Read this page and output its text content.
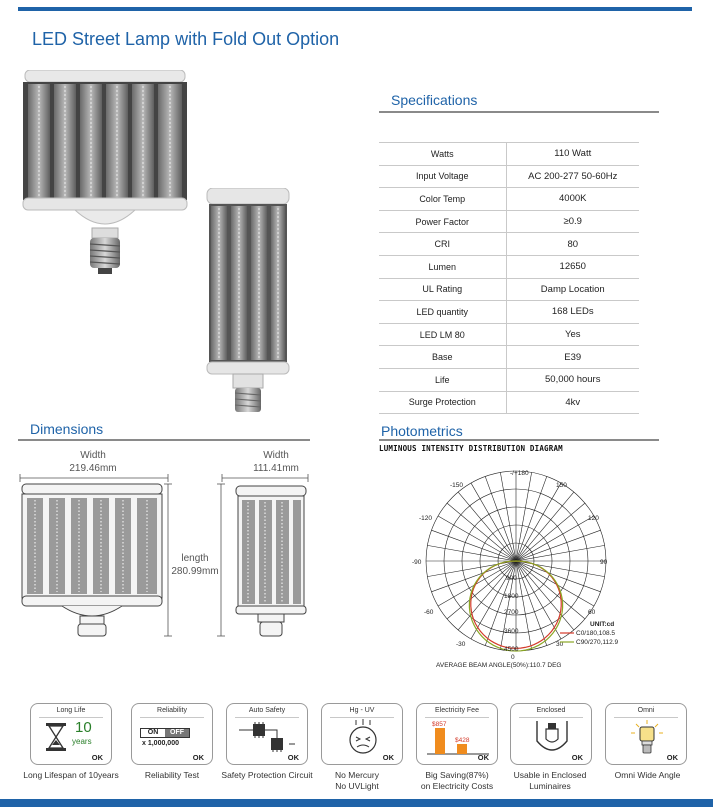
LED Street Lamp with Fold Out Option
Specifications
Watts	110 Watt
Input Voltage	AC 200-277 50-60Hz
Color Temp	4000K
Power Factor	≥0.9
CRI	80
Lumen	12650
UL Rating	Damp Location
LED quantity	168 LEDs
LED LM 80	Yes
Base	E39
Life	50,000 hours
Surge Protection	4kv
Dimensions
Width
219.46mm
Width
111.41mm
length
280.99mm
Photometrics
LUMINOUS INTENSITY DISTRIBUTION DIAGRAM
-/+180
-150	150
-120	120
-90	90
-60	60
-30	30
0
900
1800
2700
3600
4500
UNIT:cd
C0/180,108.5
C90/270,112.9
AVERAGE BEAM ANGLE(50%):110.7 DEG
Long Life
10
years
OK
Reliability
ON	OFF
x 1,000,000
OK
Auto Safety
OK
Hg - UV
OK
Electricity Fee
$857
$428
OK
Enclosed
OK
Omni
OK
Long Lifespan of 10years	Reliability Test	Safety Protection Circuit	No Mercury
No UVLight
Big Saving(87%)
on Electricity Costs
Usable in Enclosed
Luminaires
Omni Wide Angle
